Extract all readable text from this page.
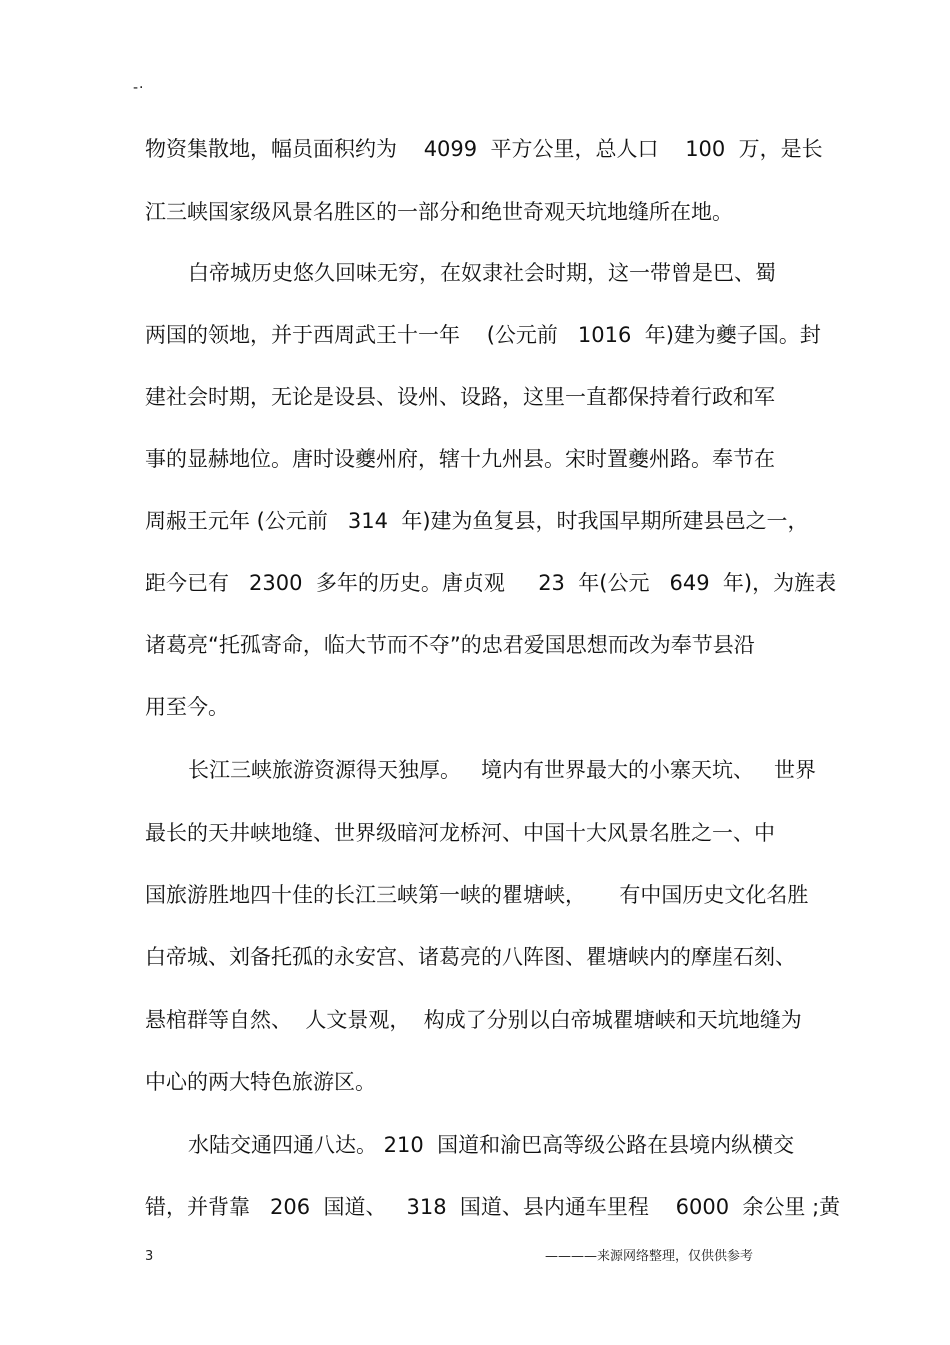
-·
物资集散地，幅员面积约为    4099  平方公里，总人口    100  万，是长
江三峡国家级风景名胜区的一部分和绝世奇观天坑地缝所在地。
白帝城历史悠久回味无穷，在奴隶社会时期，这一带曾是巴、蜀
两国的领地，并于西周武王十一年    (公元前   1016  年)建为夔子国。封
建社会时期，无论是设县、设州、设路，这里一直都保持着行政和军
事的显赫地位。唐时设夔州府，辖十九州县。宋时置夔州路。奉节在
周赧王元年 (公元前   314  年)建为鱼复县，时我国早期所建县邑之一，
距今已有   2300  多年的历史。唐贞观     23  年(公元   649  年)，为旌表
诸葛亮“托孤寄命，临大节而不夺”的忠君爱国思想而改为奉节县沿
用至今。
长江三峡旅游资源得天独厚。   境内有世界最大的小寨天坑、   世界
最长的天井峡地缝、世界级暗河龙桥河、中国十大风景名胜之一、中
国旅游胜地四十佳的长江三峡第一峡的瞿塘峡，     有中国历史文化名胜
白帝城、刘备托孤的永安宫、诸葛亮的八阵图、瞿塘峡内的摩崖石刻、
悬棺群等自然、  人文景观，  构成了分别以白帝城瞿塘峡和天坑地缝为
中心的两大特色旅游区。
水陆交通四通八达。 210  国道和渝巴高等级公路在县境内纵横交
错，并背靠   206  国道、   318  国道、县内通车里程    6000  余公里 ;黄
3	————来源网络整理，仅供供参考
